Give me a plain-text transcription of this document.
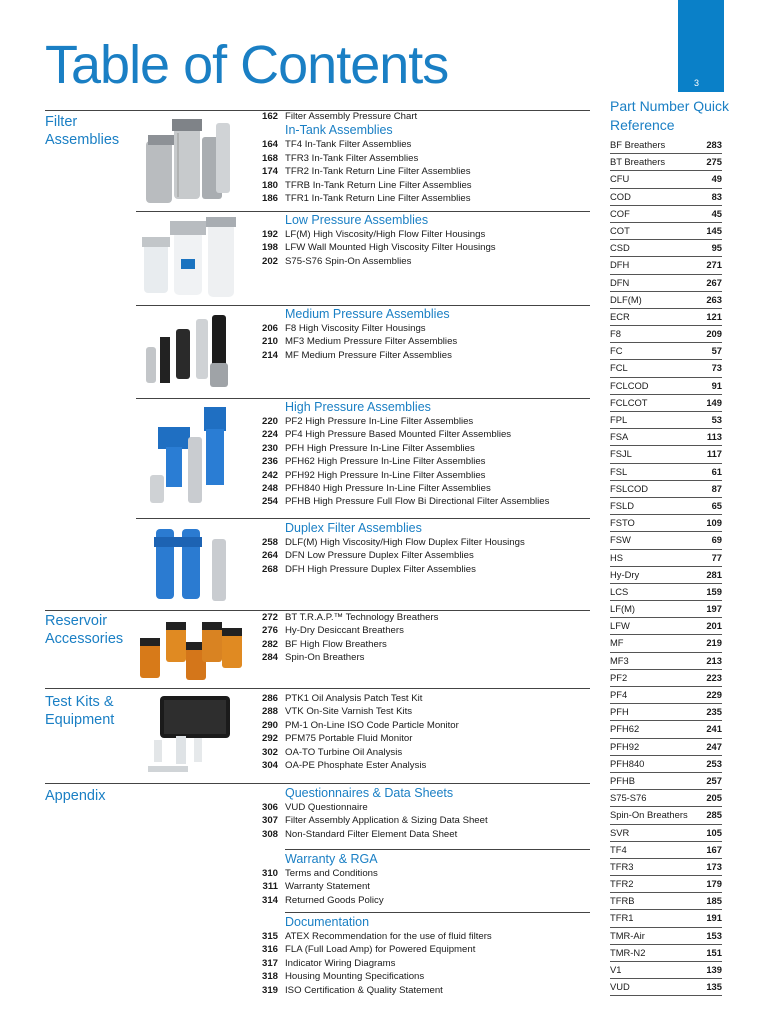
3
Table of Contents
Filter Assemblies
Reservoir Accessories
Test Kits & Equipment
Appendix
162 Filter Assembly Pressure Chart
In-Tank Assemblies
164 TF4 In-Tank Filter Assemblies
168 TFR3 In-Tank Filter Assemblies
174 TFR2 In-Tank Return Line Filter Assemblies
180 TFRB In-Tank Return Line Filter Assemblies
186 TFR1 In-Tank Return Line Filter Assemblies
Low Pressure Assemblies
192 LF(M) High Viscosity/High Flow Filter Housings
198 LFW Wall Mounted High Viscosity Filter Housings
202 S75-S76 Spin-On Assemblies
Medium Pressure Assemblies
206 F8 High Viscosity Filter Housings
210 MF3 Medium Pressure Filter Assemblies
214 MF Medium Pressure Filter Assemblies
High Pressure Assemblies
220 PF2 High Pressure In-Line Filter Assemblies
224 PF4 High Pressure Based Mounted Filter Assemblies
230 PFH High Pressure In-Line Filter Assemblies
236 PFH62 High Pressure In-Line Filter Assemblies
242 PFH92 High Pressure In-Line Filter Assemblies
248 PFH840 High Pressure In-Line Filter Assemblies
254 PFHB High Pressure Full Flow Bi Directional Filter Assemblies
Duplex Filter Assemblies
258 DLF(M) High Viscosity/High Flow Duplex Filter Housings
264 DFN Low Pressure Duplex Filter Assemblies
268 DFH High Pressure Duplex Filter Assemblies
272 BT T.R.A.P.™ Technology Breathers
276 Hy-Dry Desiccant Breathers
282 BF High Flow Breathers
284 Spin-On Breathers
286 PTK1 Oil Analysis Patch Test Kit
288 VTK On-Site Varnish Test Kits
290 PM-1 On-Line ISO Code Particle Monitor
292 PFM75 Portable Fluid Monitor
302 OA-TO Turbine Oil Analysis
304 OA-PE Phosphate Ester Analysis
Questionnaires & Data Sheets
306 VUD Questionnaire
307 Filter Assembly Application & Sizing Data Sheet
308 Non-Standard Filter Element Data Sheet
Warranty & RGA
310 Terms and Conditions
311 Warranty Statement
314 Returned Goods Policy
Documentation
315 ATEX Recommendation for the use of fluid filters
316 FLA (Full Load Amp) for Powered Equipment
317 Indicator Wiring Diagrams
318 Housing Mounting Specifications
319 ISO Certification & Quality Statement
Part Number Quick Reference
BF Breathers	283
BT Breathers	275
CFU	49
COD	83
COF	45
COT	145
CSD	95
DFH	271
DFN	267
DLF(M)	263
ECR	121
F8	209
FC	57
FCL	73
FCLCOD	91
FCLCOT	149
FPL	53
FSA	113
FSJL	117
FSL	61
FSLCOD	87
FSLD	65
FSTO	109
FSW	69
HS	77
Hy-Dry	281
LCS	159
LF(M)	197
LFW	201
MF	219
MF3	213
PF2	223
PF4	229
PFH	235
PFH62	241
PFH92	247
PFH840	253
PFHB	257
S75-S76	205
Spin-On Breathers 285
SVR	105
TF4	167
TFR3	173
TFR2	179
TFRB	185
TFR1	191
TMR-Air	153
TMR-N2	151
V1	139
VUD	135
